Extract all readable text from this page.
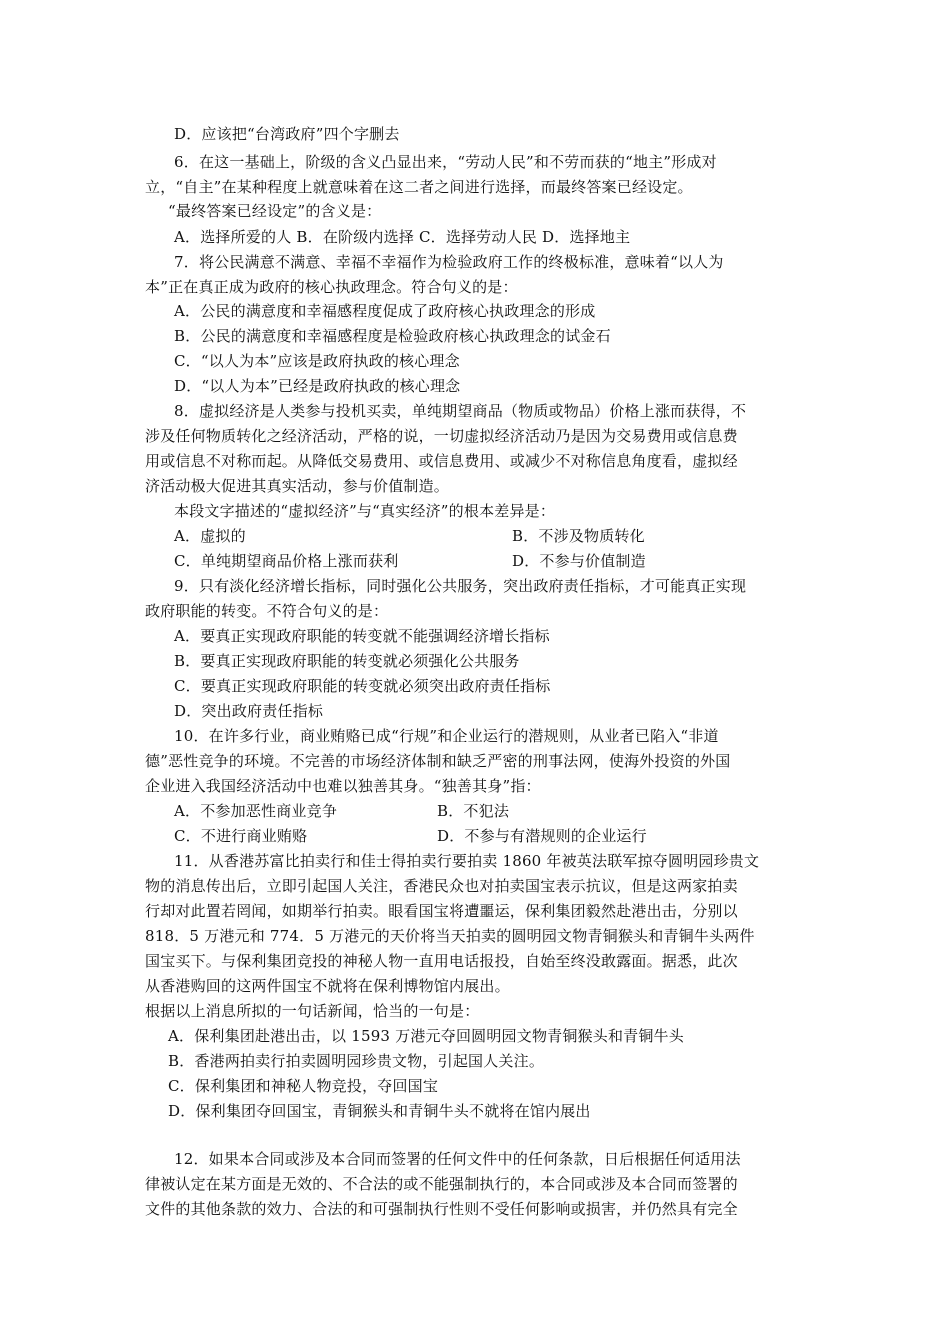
D．应该把“台湾政府”四个字删去
6．在这一基础上，阶级的含义凸显出来，“劳动人民”和不劳而获的“地主”形成对
立，“自主”在某种程度上就意味着在这二者之间进行选择，而最终答案已经设定。
“最终答案已经设定”的含义是：
A．选择所爱的人 B．在阶级内选择 C．选择劳动人民 D．选择地主
7．将公民满意不满意、幸福不幸福作为检验政府工作的终极标准，意味着“以人为
本”正在真正成为政府的核心执政理念。符合句义的是：
A．公民的满意度和幸福感程度促成了政府核心执政理念的形成
B．公民的满意度和幸福感程度是检验政府核心执政理念的试金石
C．“以人为本”应该是政府执政的核心理念
D．“以人为本”已经是政府执政的核心理念
8．虚拟经济是人类参与投机买卖，单纯期望商品（物质或物品）价格上涨而获得，不
涉及任何物质转化之经济活动，严格的说，一切虚拟经济活动乃是因为交易费用或信息费
用或信息不对称而起。从降低交易费用、或信息费用、或减少不对称信息角度看，虚拟经
济活动极大促进其真实活动，参与价值制造。
本段文字描述的“虚拟经济”与“真实经济”的根本差异是：
A．虚拟的	B．不涉及物质转化
C．单纯期望商品价格上涨而获利	D．不参与价值制造
9．只有淡化经济增长指标，同时强化公共服务，突出政府责任指标，才可能真正实现
政府职能的转变。不符合句义的是：
A．要真正实现政府职能的转变就不能强调经济增长指标
B．要真正实现政府职能的转变就必须强化公共服务
C．要真正实现政府职能的转变就必须突出政府责任指标
D．突出政府责任指标
10．在许多行业，商业贿赂已成“行规”和企业运行的潜规则，从业者已陷入“非道
德”恶性竞争的环境。不完善的市场经济体制和缺乏严密的刑事法网，使海外投资的外国
企业进入我国经济活动中也难以独善其身。“独善其身”指：
A．不参加恶性商业竞争	B．不犯法
C．不进行商业贿赂	D．不参与有潜规则的企业运行
11．从香港苏富比拍卖行和佳士得拍卖行要拍卖 1860 年被英法联军掠夺圆明园珍贵文
物的消息传出后，立即引起国人关注，香港民众也对拍卖国宝表示抗议，但是这两家拍卖
行却对此置若罔闻，如期举行拍卖。眼看国宝将遭噩运，保利集团毅然赴港出击，分别以
818．5 万港元和 774．5 万港元的天价将当天拍卖的圆明园文物青铜猴头和青铜牛头两件
国宝买下。与保利集团竞投的神秘人物一直用电话报投，自始至终没敢露面。据悉，此次
从香港购回的这两件国宝不就将在保利博物馆内展出。
根据以上消息所拟的一句话新闻，恰当的一句是：
A．保利集团赴港出击，以 1593 万港元夺回圆明园文物青铜猴头和青铜牛头
B．香港两拍卖行拍卖圆明园珍贵文物，引起国人关注。
C．保利集团和神秘人物竞投，夺回国宝
D．保利集团夺回国宝，青铜猴头和青铜牛头不就将在馆内展出
12．如果本合同或涉及本合同而签署的任何文件中的任何条款，日后根据任何适用法
律被认定在某方面是无效的、不合法的或不能强制执行的，本合同或涉及本合同而签署的
文件的其他条款的效力、合法的和可强制执行性则不受任何影响或损害，并仍然具有完全
